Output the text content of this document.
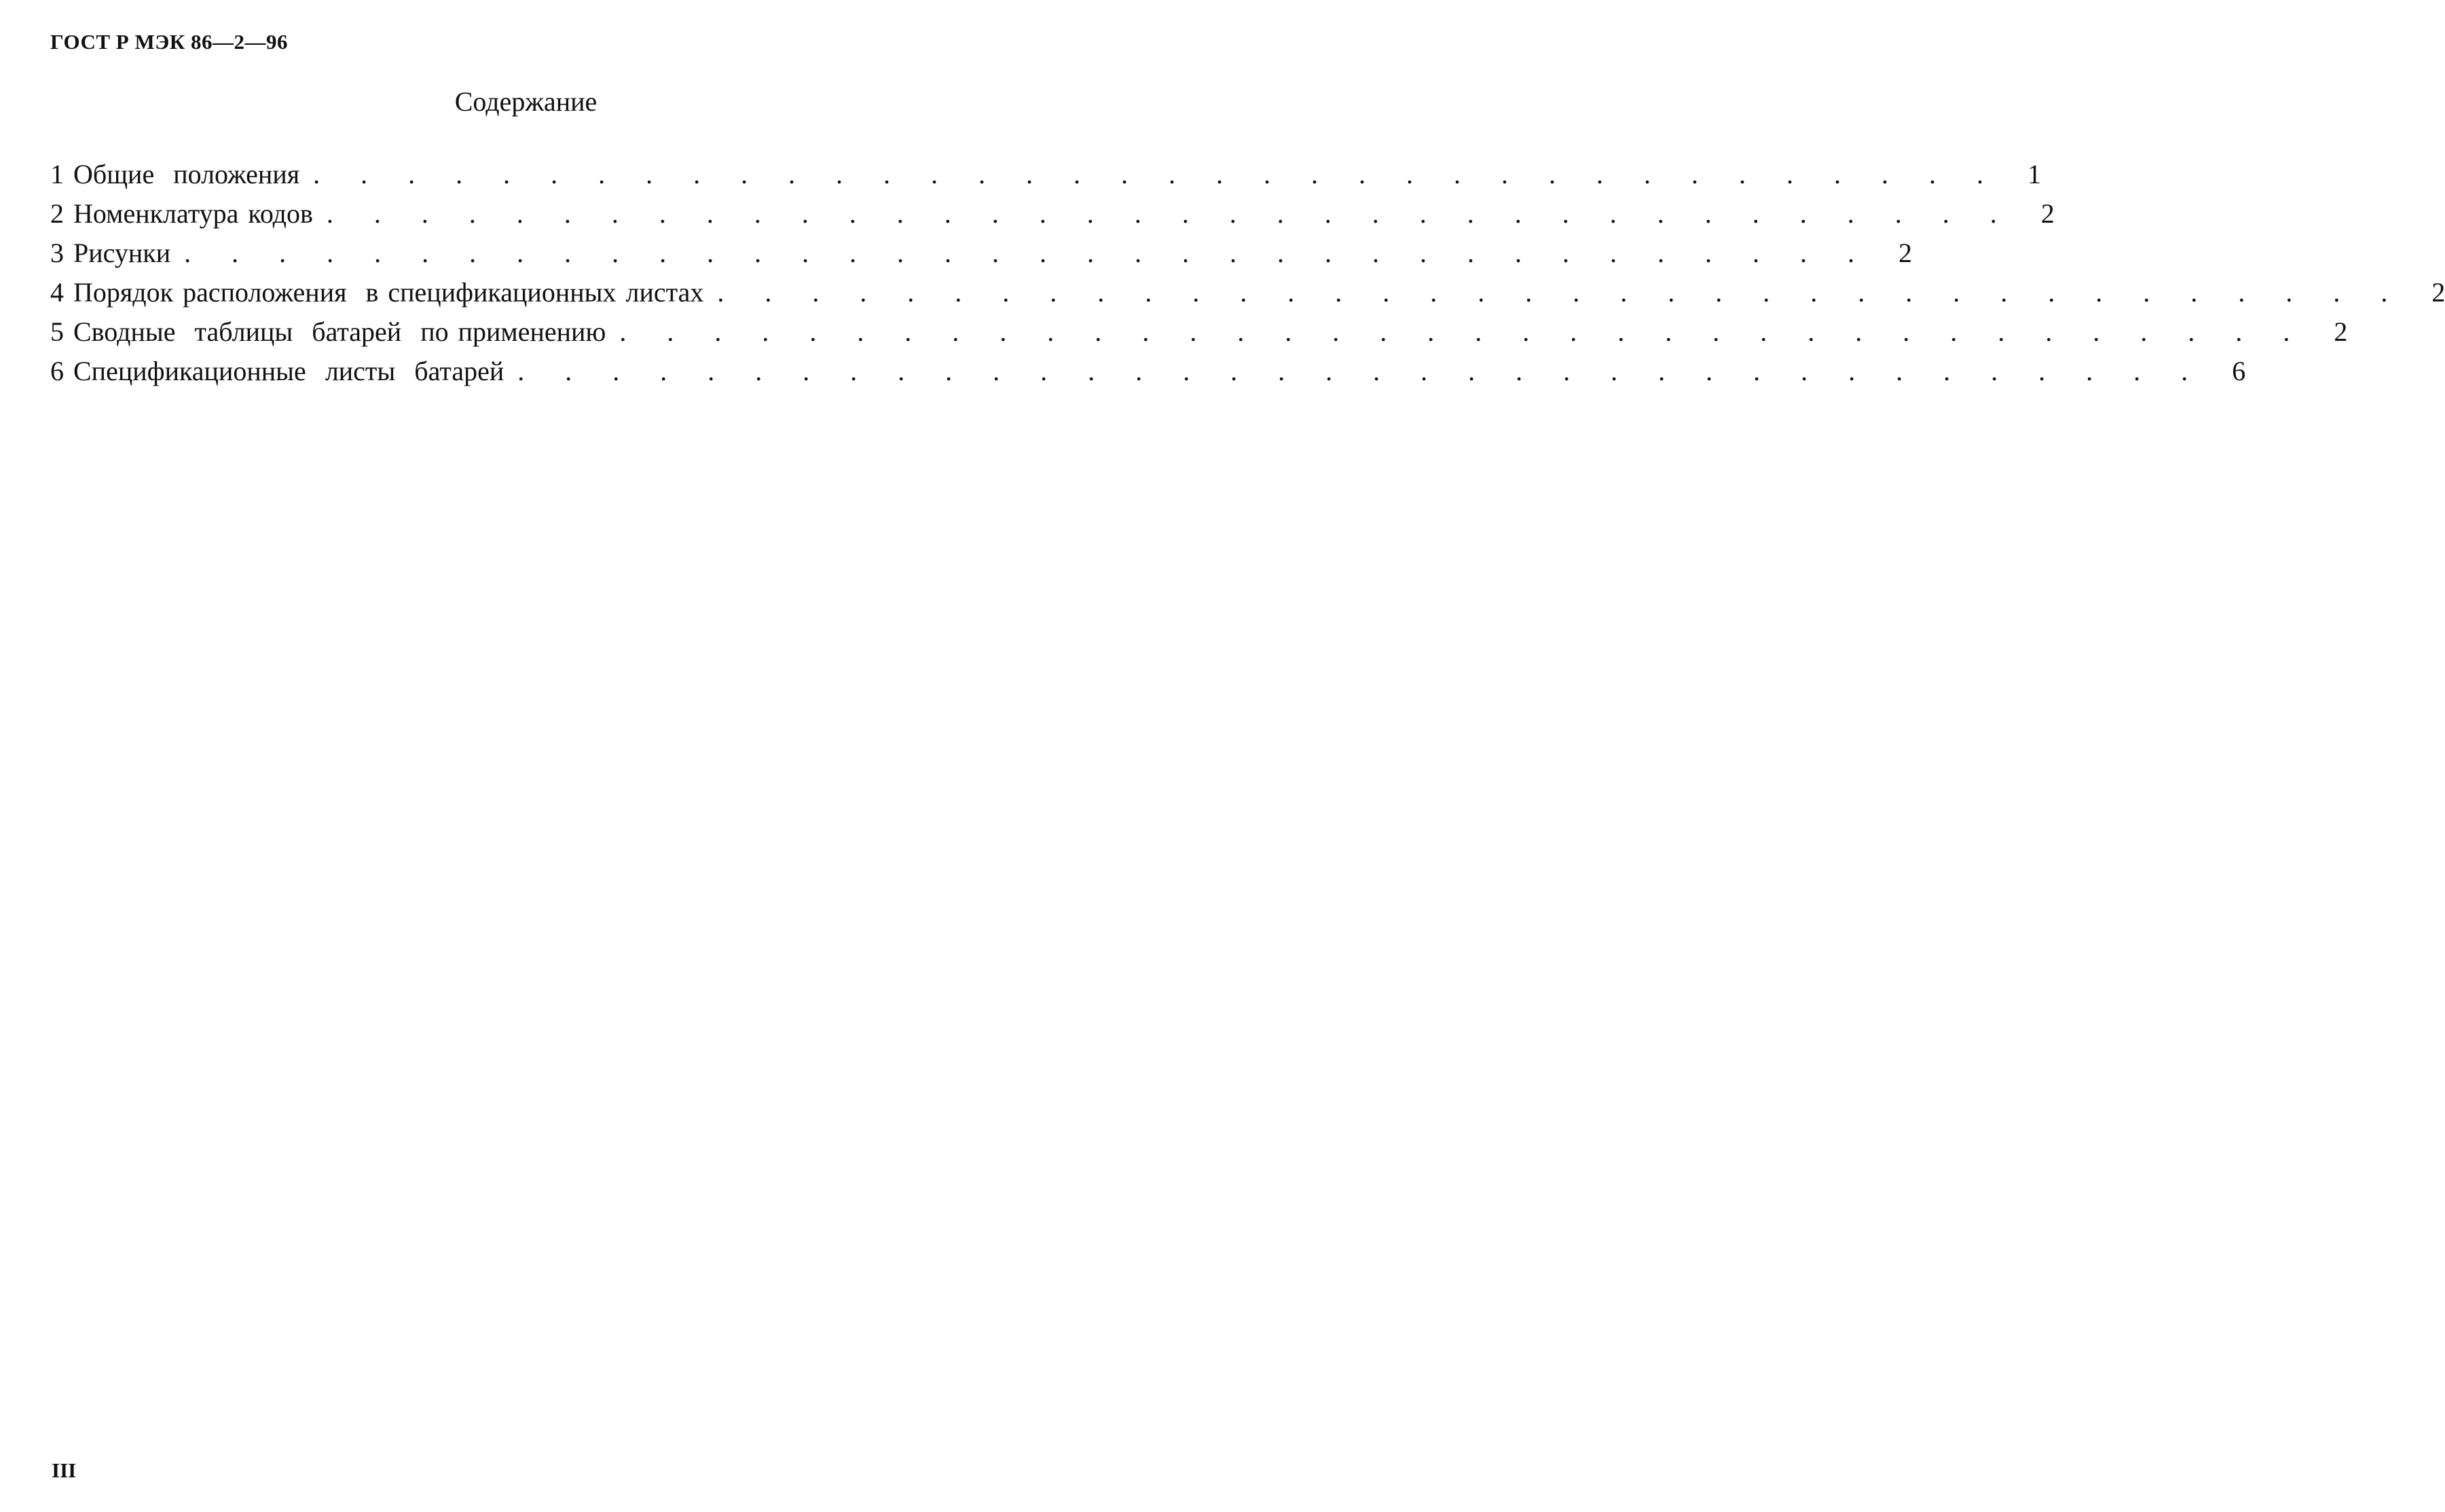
ГОСТ Р МЭК 86—2—96
Содержание
1 Общие  положения . . . . . . . . . . . . . . . . . . . . . . . . . . . . . . . . . . . . 1
2 Номенклатура кодов . . . . . . . . . . . . . . . . . . . . . . . . . . . . . . . . . . . . 2
3 Рисунки . . . . . . . . . . . . . . . . . . . . . . . . . . . . . . . . . . . . 2
4 Порядок расположения  в спецификационных листах . . . . . . . . . . . . . . . . . . . . . . . . . . . . . . . . . . . . 2
5 Сводные  таблицы  батарей  по применению . . . . . . . . . . . . . . . . . . . . . . . . . . . . . . . . . . . . 2
6 Спецификационные  листы  батарей . . . . . . . . . . . . . . . . . . . . . . . . . . . . . . . . . . . . 6
III
